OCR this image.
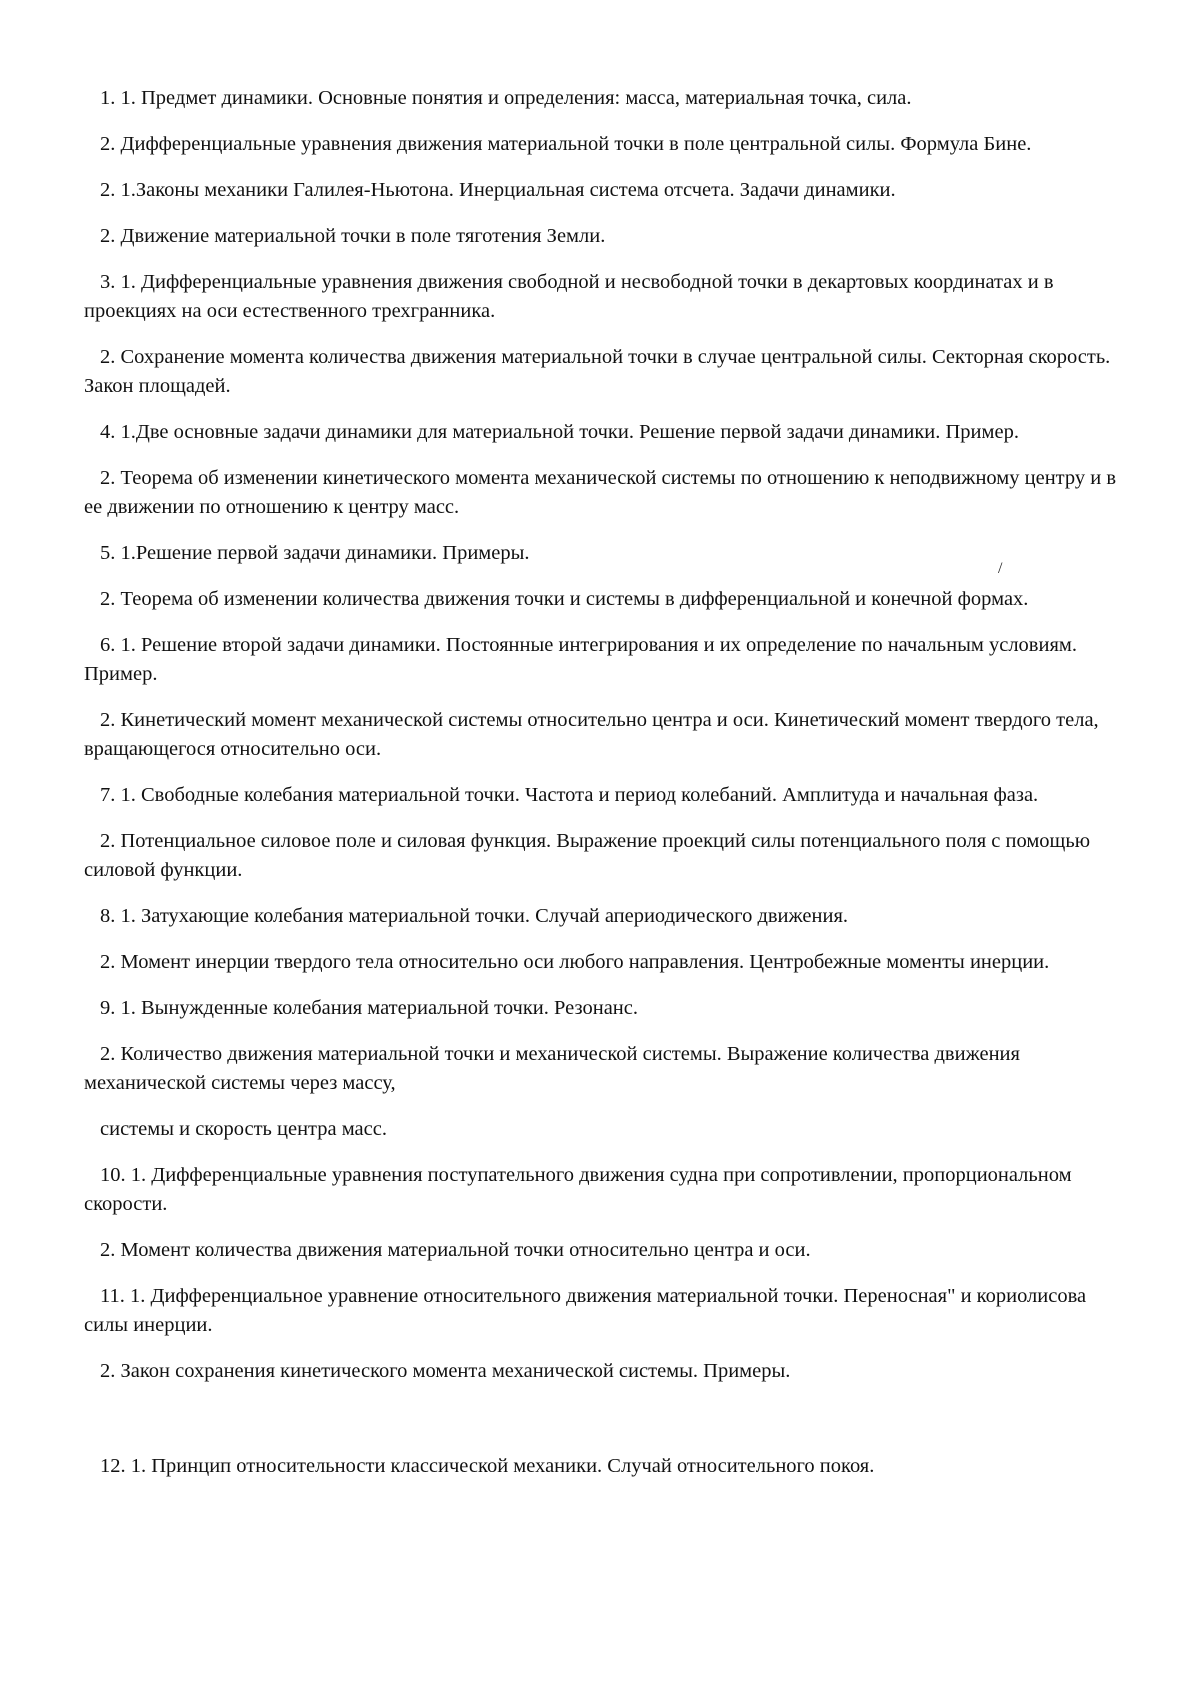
1. 1. Предмет динамики. Основные понятия и определения: масса, материальная точка, сила.

2. Дифференциальные уравнения движения материальной точки в поле центральной силы. Формула Бине.

2. 1.Законы механики Галилея-Ньютона. Инерциальная система отсчета. Задачи динамики.

2. Движение материальной точки в поле тяготения Земли.

3. 1. Дифференциальные уравнения движения свободной и несвободной точки в декартовых координатах и в проекциях на оси естественного трехгранника.

2. Сохранение момента количества движения материальной точки в случае центральной силы. Секторная скорость. Закон площадей.

4. 1.Две основные задачи динамики для материальной точки. Решение первой задачи динамики. Пример.

2. Теорема об изменении кинетического момента механической системы по отношению к неподвижному центру и в ее движении по отношению к центру масс.

5. 1.Решение первой задачи динамики. Примеры.

2. Теорема об изменении количества движения точки и системы в дифференциальной и конечной формах.

6. 1. Решение второй задачи динамики. Постоянные интегрирования и их определение по начальным условиям. Пример.

2. Кинетический момент механической системы относительно центра и оси. Кинетический момент твердого тела, вращающегося относительно оси.

7. 1. Свободные колебания материальной точки. Частота и период колебаний. Амплитуда и начальная фаза.

2. Потенциальное силовое поле и силовая функция. Выражение проекций силы потенциального поля с помощью силовой функции.

8. 1. Затухающие колебания материальной точки. Случай апериодического движения.

2. Момент инерции твердого тела относительно оси любого направления. Центробежные моменты инерции.

9. 1. Вынужденные колебания материальной точки. Резонанс.

2. Количество движения материальной точки и механической системы. Выражение количества движения механической системы через массу,

системы и скорость центра масс.

10. 1. Дифференциальные уравнения поступательного движения судна при сопротивлении, пропорциональном скорости.

2. Момент количества движения материальной точки относительно центра и оси.

11. 1. Дифференциальное уравнение относительного движения материальной точки. Переносная" и кориолисова силы инерции.

2. Закон сохранения кинетического момента механической системы. Примеры.

12. 1. Принцип относительности классической механики. Случай относительного покоя.

/
